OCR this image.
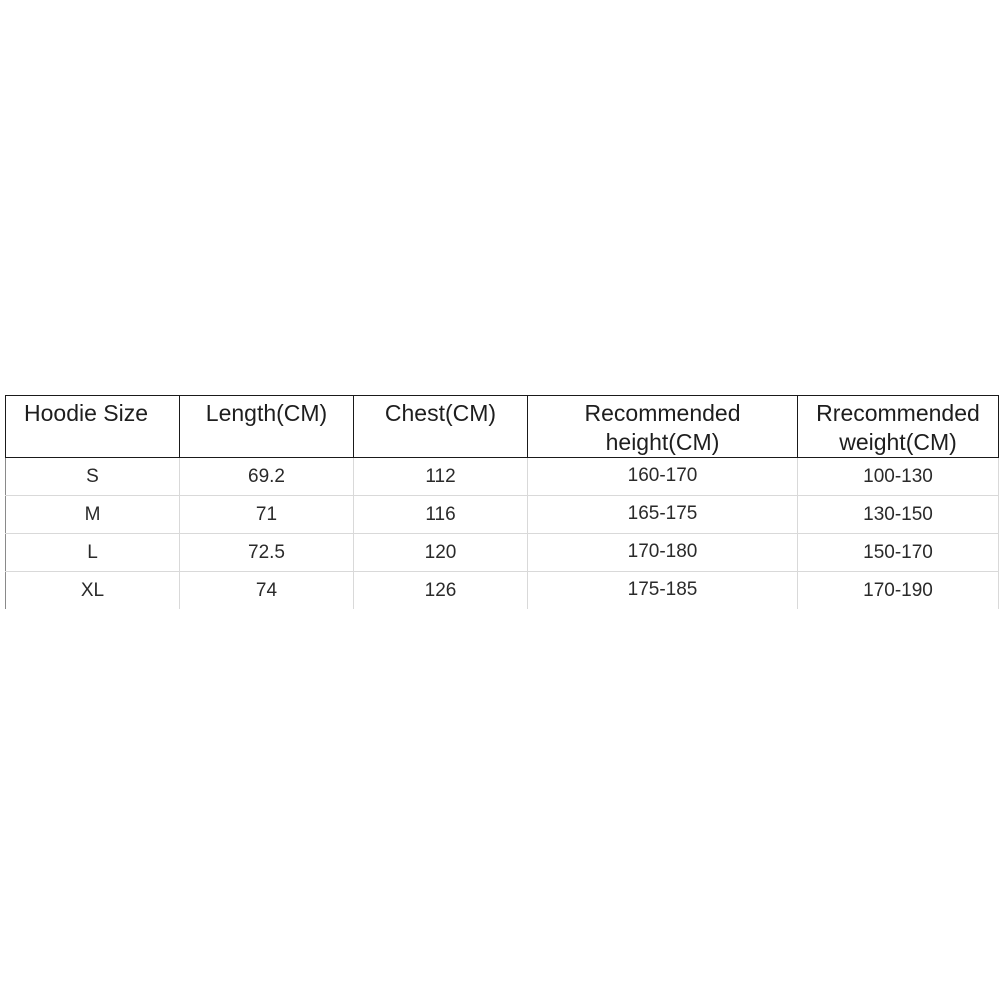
Hoodie Size	Length(CM)	Chest(CM)	Recommended height(CM)	Rrecommended weight(CM)

S	69.2	112	160-170	100-130
M	71	116	165-175	130-150
L	72.5	120	170-180	150-170
XL	74	126	175-185	170-190
